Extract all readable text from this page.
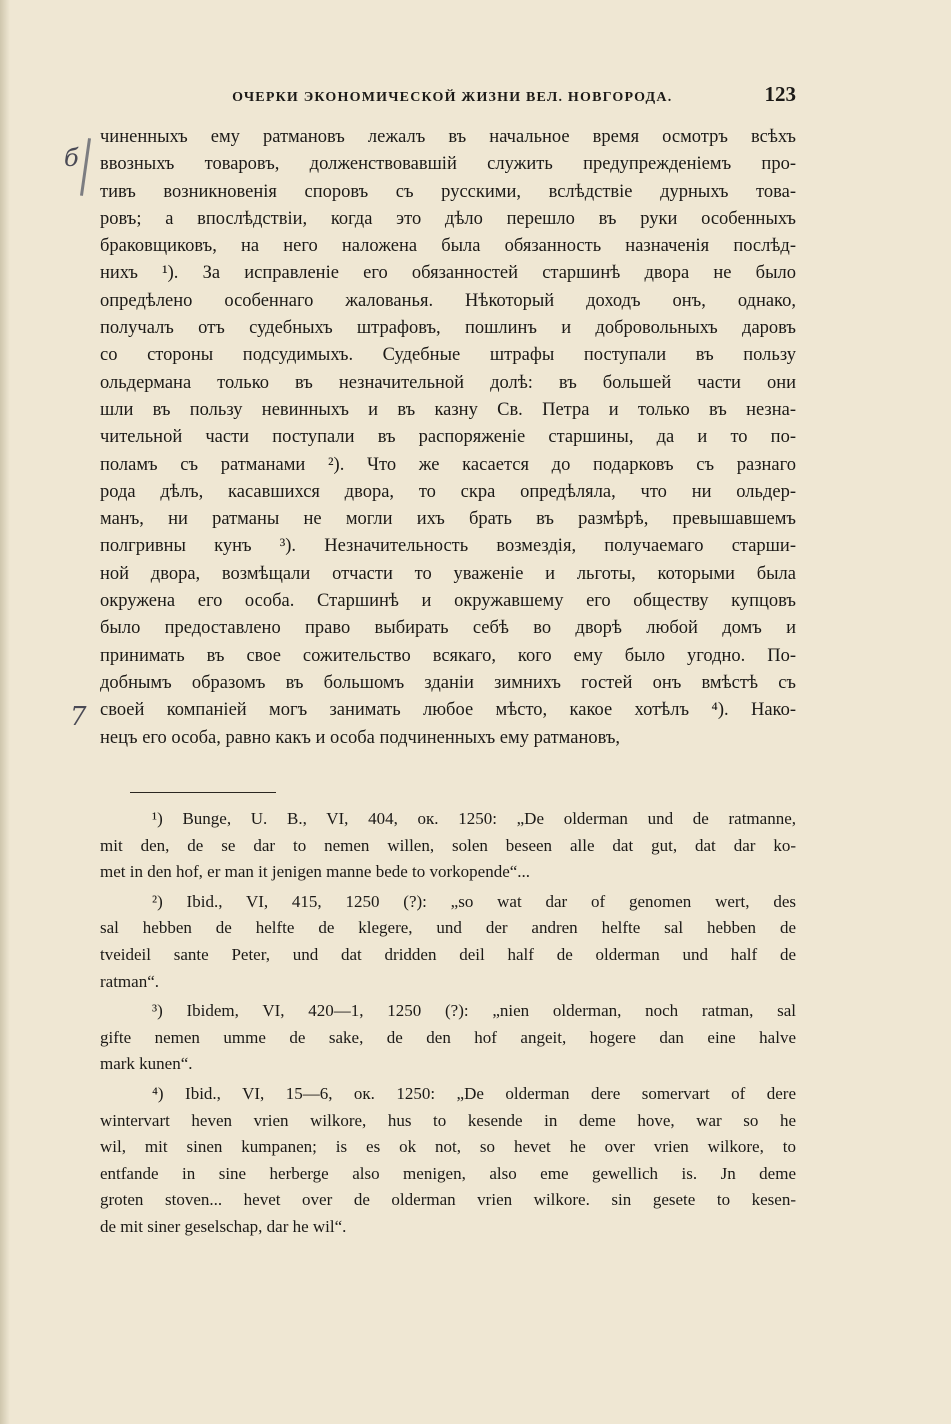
ОЧЕРКИ ЭКОНОМИЧЕСКОЙ ЖИЗНИ ВЕЛ. НОВГОРОДА.	123
б
7
чиненныхъ ему ратмановъ лежалъ въ начальное время осмотръ всѣхъ
ввозныхъ товаровъ, долженствовавшій служить предупрежденіемъ про-
тивъ возникновенія споровъ съ русскими, вслѣдствіе дурныхъ това-
ровъ; а впослѣдствіи, когда это дѣло перешло въ руки особенныхъ
браковщиковъ, на него наложена была обязанность назначенія послѣд-
нихъ ¹). За исправленіе его обязанностей старшинѣ двора не было
опредѣлено особеннаго жалованья. Нѣкоторый доходъ онъ, однако,
получалъ отъ судебныхъ штрафовъ, пошлинъ и добровольныхъ даровъ
со стороны подсудимыхъ. Судебные штрафы поступали въ пользу
ольдермана только въ незначительной долѣ: въ большей части они
шли въ пользу невинныхъ и въ казну Св. Петра и только въ незна-
чительной части поступали въ распоряженіе старшины, да и то по-
поламъ съ ратманами ²). Что же касается до подарковъ съ разнаго
рода дѣлъ, касавшихся двора, то скра опредѣляла, что ни ольдер-
манъ, ни ратманы не могли ихъ брать въ размѣрѣ, превышавшемъ
полгривны кунъ ³). Незначительность возмездія, получаемаго старши-
ной двора, возмѣщали отчасти то уваженіе и льготы, которыми была
окружена его особа. Старшинѣ и окружавшему его обществу купцовъ
было предоставлено право выбирать себѣ во дворѣ любой домъ и
принимать въ свое сожительство всякаго, кого ему было угодно. По-
добнымъ образомъ въ большомъ зданіи зимнихъ гостей онъ вмѣстѣ съ
своей компаніей могъ занимать любое мѣсто, какое хотѣлъ ⁴). Нако-
нецъ его особа, равно какъ и особа подчиненныхъ ему ратмановъ,
¹) Bunge, U. B., VI, 404, ок. 1250: „De olderman und de ratmanne,
mit den, de se dar to nemen willen, solen beseen alle dat gut, dat dar ko-
met in den hof, er man it jenigen manne bede to vorkopende“...
²) Ibid., VI, 415, 1250 (?): „so wat dar of genomen wert, des
sal hebben de helfte de klegere, und der andren helfte sal hebben de
tveideil sante Peter, und dat dridden deil half de olderman und half de
ratman“.
³) Ibidem, VI, 420—1, 1250 (?): „nien olderman, noch ratman, sal
gifte nemen umme de sake, de den hof angeit, hogere dan eine halve
mark kunen“.
⁴) Ibid., VI, 15—6, ок. 1250: „De olderman dere somervart of dere
wintervart heven vrien wilkore, hus to kesende in deme hove, war so he
wil, mit sinen kumpanen; is es ok not, so hevet he over vrien wilkore, to
entfande in sine herberge also menigen, also eme gewellich is. Jn deme
groten stoven... hevet over de olderman vrien wilkore. sin gesete to kesen-
de mit siner geselschap, dar he wil“.
